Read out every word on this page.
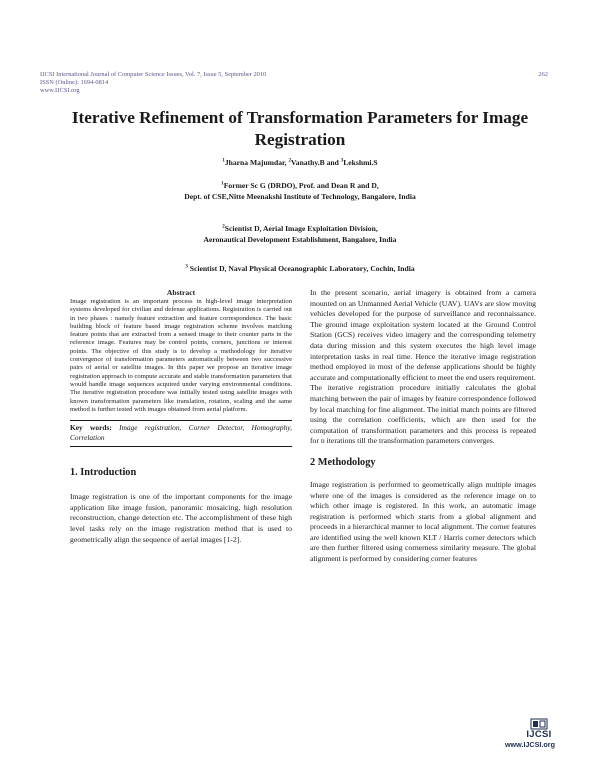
IJCSI International Journal of Computer Science Issues, Vol. 7, Issue 5, September 2010
ISSN (Online): 1694-0814
www.IJCSI.org
262
Iterative Refinement of Transformation Parameters for Image Registration
$^1$Jharna Majumdar, $^2$Vanathy.B and $^3$Lekshmi.S
$^1$Former Sc G (DRDO), Prof. and Dean R and D,
Dept. of CSE,Nitte Meenakshi Institute of Technology, Bangalore, India
$^2$Scientist D, Aerial Image Exploitation Division,
Aeronautical Development Establishment, Bangalore, India
$^3$ Scientist D, Naval Physical Oceanographic Laboratory, Cochin, India
Abstract

Image registration is an important process in high-level image interpretation systems developed for civilian and defense applications. Registration is carried out in two phases : namely feature extraction and feature correspondence. The basic building block of feature based image registration scheme involves matching feature points that are extracted from a sensed image to their counter parts in the reference image. Features may be control points, corners, junctions or interest points. The objective of this study is to develop a methodology for iterative convergence of transformation parameters automatically between two successive pairs of aerial or satellite images. In this paper we propose an iterative image registration approach to compute accurate and stable transformation parameters that would handle image sequences acquired under varying environmental conditions. The iterative registration procedure was initially tested using satellite images with known transformation parameters like translation, rotation, scaling and the same method is further tested with images obtained from aerial platform.

Key words: Image registration, Corner Detector, Homography, Correlation
1. Introduction

Image registration is one of the important components for the image application like image fusion, panoramic mosaicing, high resolution reconstruction, change detection etc. The accomplishment of these high level tasks rely on the image registration method that is used to geometrically align the sequence of aerial images [1-2].

In the present scenario, aerial imagery is obtained from a camera mounted on an Unmanned Aerial Vehicle (UAV). UAVs are slow moving vehicles developed for the purpose of surveillance and reconnaissance. The ground image exploitation system located at the Ground Control Station (GCS) receives video imagery and the corresponding telemetry data during mission and this system executes the high level image interpretation tasks in real time. Hence the iterative image registration method employed in most of the defense applications should be highly accurate and computationally efficient to meet the end users requirement.

The iterative registration procedure initially calculates the global matching between the pair of images by feature correspondence followed by local matching for fine alignment. The initial match points are filtered using the correlation coefficients, which are then used for the computation of transformation parameters and this process is repeated for n iterations till the transformation parameters converges.

2 Methodology

Image registration is performed to geometrically align multiple images where one of the images is considered as the reference image on to which other image is registered. In this work, an automatic image registration is performed which starts from a global alignment and proceeds in a hierarchical manner to local alignment. The corner features are identified using the well known KLT / Harris corner detectors which are then further filtered using cornerness similarity measure. The global alignment is performed by considering corner features

IJCSI
www.IJCSI.org
